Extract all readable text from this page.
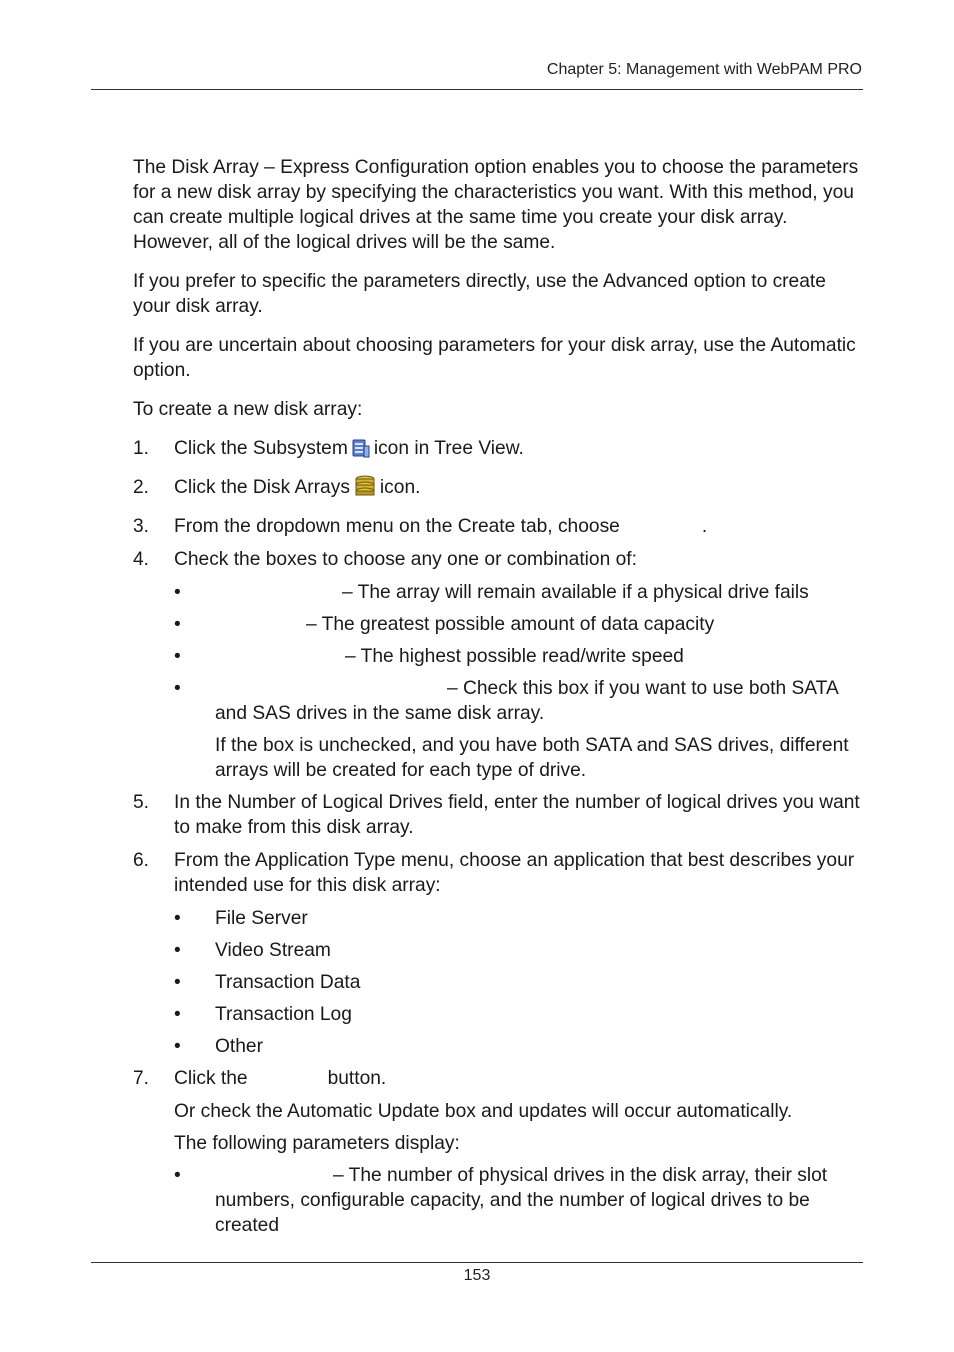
Chapter 5: Management with WebPAM PRO

The Disk Array – Express Configuration option enables you to choose the parameters for a new disk array by specifying the characteristics you want. With this method, you can create multiple logical drives at the same time you create your disk array. However, all of the logical drives will be the same.

If you prefer to specific the parameters directly, use the Advanced option to create your disk array.

If you are uncertain about choosing parameters for your disk array, use the Automatic option.

To create a new disk array:

1. Click the Subsystem icon in Tree View.
2. Click the Disk Arrays icon.
3. From the dropdown menu on the Create tab, choose	.
4. Check the boxes to choose any one or combination of:
•	– The array will remain available if a physical drive fails
•	– The greatest possible amount of data capacity
•	– The highest possible read/write speed
•	– Check this box if you want to use both SATA and SAS drives in the same disk array.

If the box is unchecked, and you have both SATA and SAS drives, different arrays will be created for each type of drive.

5. In the Number of Logical Drives field, enter the number of logical drives you want to make from this disk array.
6. From the Application Type menu, choose an application that best describes your intended use for this disk array:
• File Server
• Video Stream
• Transaction Data
• Transaction Log
• Other
7. Click the	button.

Or check the Automatic Update box and updates will occur automatically.

The following parameters display:

•	– The number of physical drives in the disk array, their slot numbers, configurable capacity, and the number of logical drives to be created
153
